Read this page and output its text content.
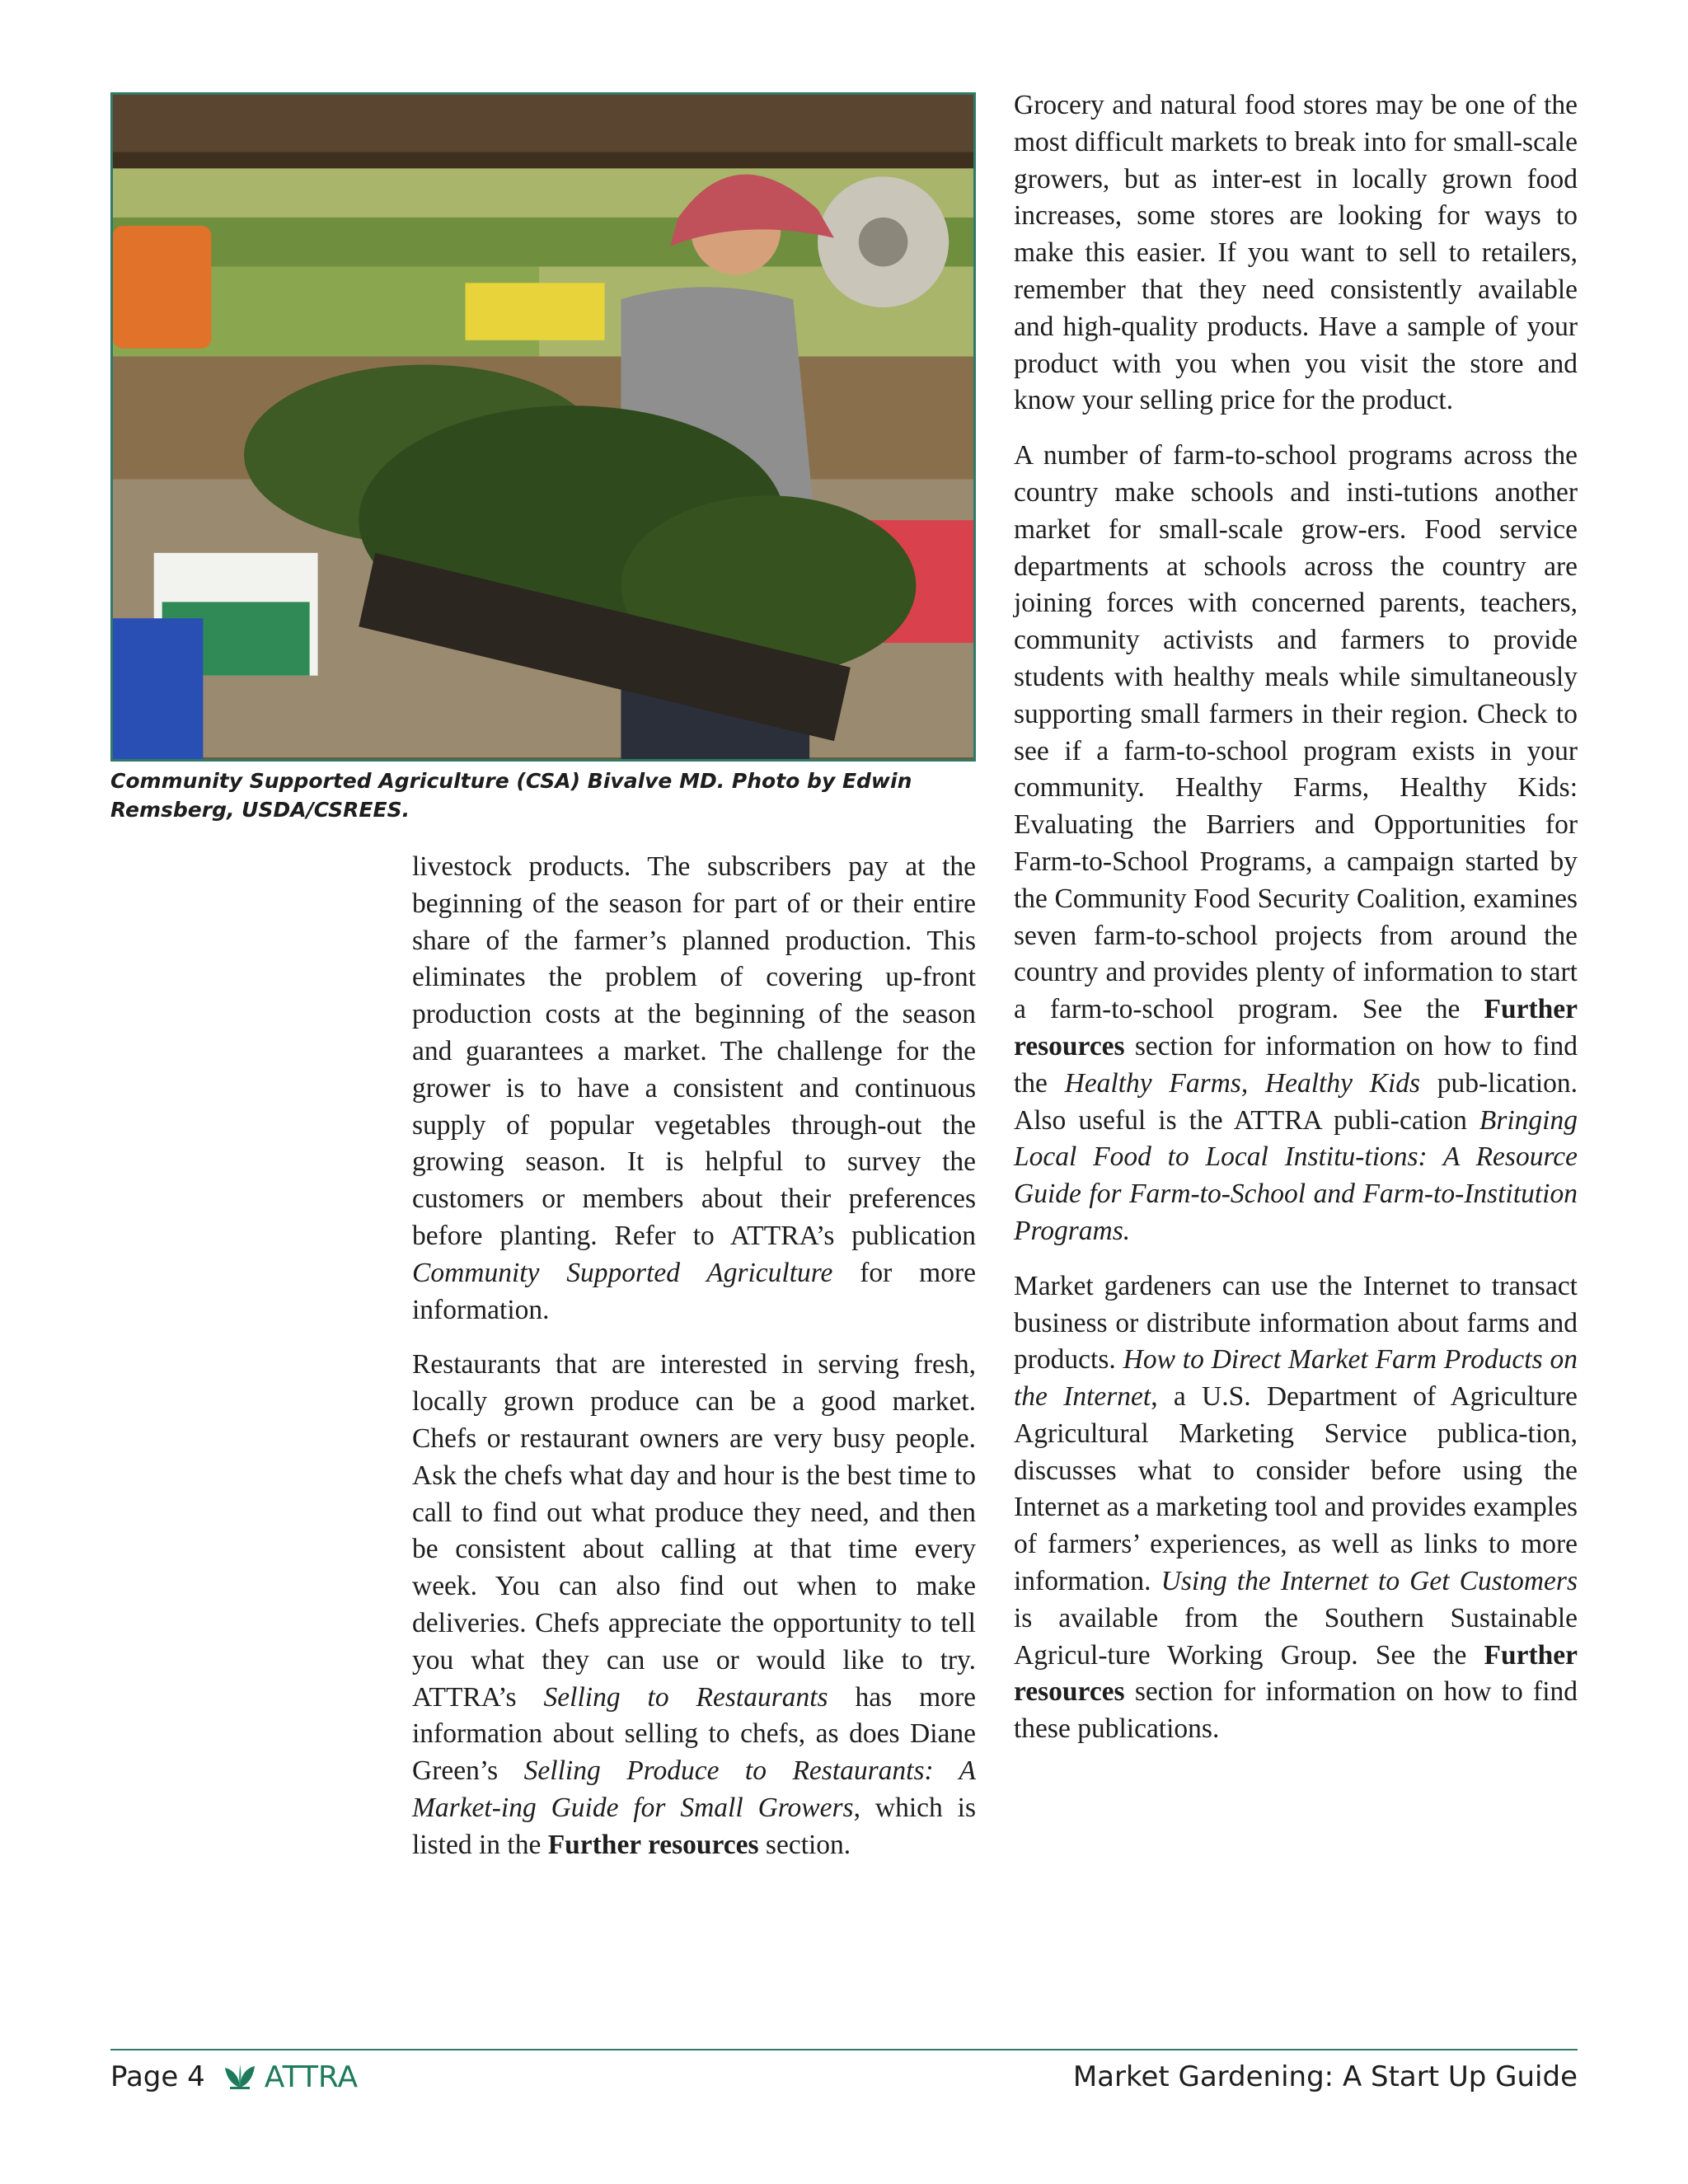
Community Supported Agriculture (CSA) Bivalve MD. Photo by Edwin Remsberg, USDA/CSREES.

livestock products. The subscribers pay at the beginning of the season for part of or their entire share of the farmer’s planned production. This eliminates the problem of covering up-front production costs at the beginning of the season and guarantees a market. The challenge for the grower is to have a consistent and continuous supply of popular vegetables through-out the growing season. It is helpful to survey the customers or members about their preferences before planting. Refer to ATTRA’s publication Community Supported Agriculture for more information.

Restaurants that are interested in serving fresh, locally grown produce can be a good market. Chefs or restaurant owners are very busy people. Ask the chefs what day and hour is the best time to call to find out what produce they need, and then be consistent about calling at that time every week. You can also find out when to make deliveries. Chefs appreciate the opportunity to tell you what they can use or would like to try. ATTRA’s Selling to Restaurants has more information about selling to chefs, as does Diane Green’s Selling Produce to Restaurants: A Market-ing Guide for Small Growers, which is listed in the Further resources section.

Grocery and natural food stores may be one of the most difficult markets to break into for small-scale growers, but as inter-est in locally grown food increases, some stores are looking for ways to make this easier. If you want to sell to retailers, remember that they need consistently available and high-quality products. Have a sample of your product with you when you visit the store and know your selling price for the product.

A number of farm-to-school programs across the country make schools and insti-tutions another market for small-scale grow-ers. Food service departments at schools across the country are joining forces with concerned parents, teachers, community activists and farmers to provide students with healthy meals while simultaneously supporting small farmers in their region. Check to see if a farm-to-school program exists in your community. Healthy Farms, Healthy Kids: Evaluating the Barriers and Opportunities for Farm-to-School Programs, a campaign started by the Community Food Security Coalition, examines seven farm-to-school projects from around the country and provides plenty of information to start a farm-to-school program. See the Further resources section for information on how to find the Healthy Farms, Healthy Kids pub-lication. Also useful is the ATTRA publi-cation Bringing Local Food to Local Institu-tions: A Resource Guide for Farm-to-School and Farm-to-Institution Programs.

Market gardeners can use the Internet to transact business or distribute information about farms and products. How to Direct Market Farm Products on the Internet, a U.S. Department of Agriculture Agricultural Marketing Service publica-tion, discusses what to consider before using the Internet as a marketing tool and provides examples of farmers’ experiences, as well as links to more information. Using the Internet to Get Customers is available from the Southern Sustainable Agricul-ture Working Group. See the Further resources section for information on how to find these publications.

Page 4 ATTRA	Market Gardening: A Start Up Guide
